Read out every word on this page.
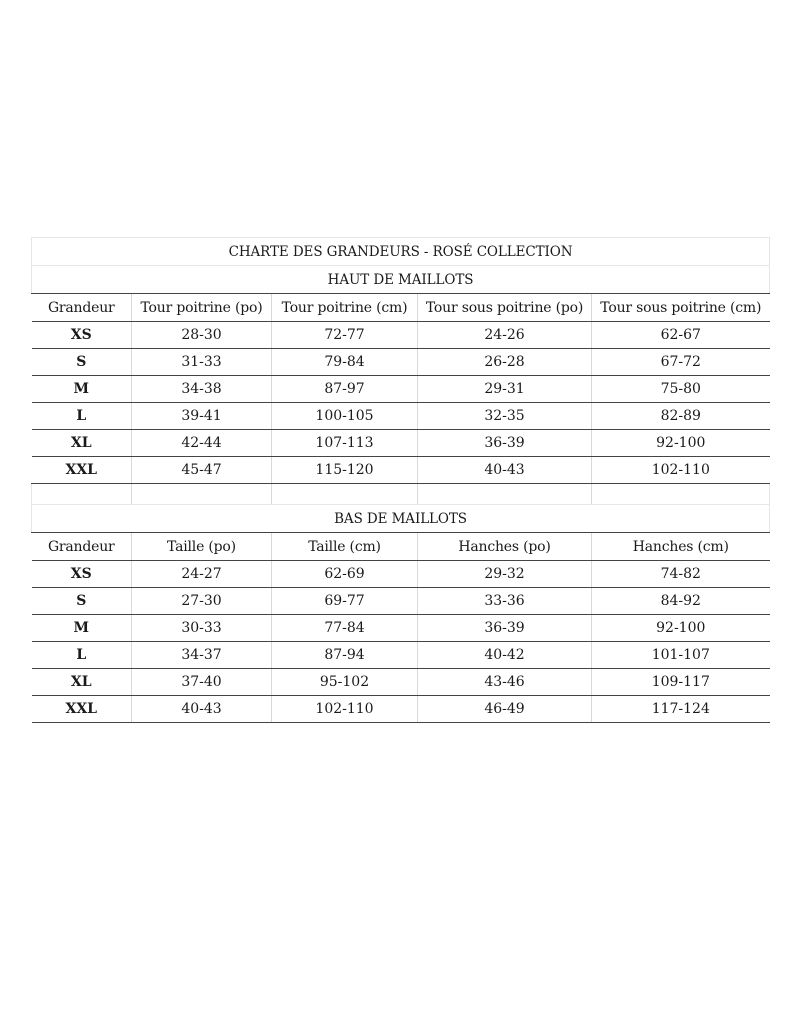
CHARTE DES GRANDEURS - ROSÉ COLLECTION				
HAUT DE MAILLOTS				
Grandeur	Tour poitrine (po)	Tour poitrine (cm)	Tour sous poitrine (po)	Tour sous poitrine (cm)
XS	28-30	72-77	24-26	62-67
S	31-33	79-84	26-28	67-72
M	34-38	87-97	29-31	75-80
L	39-41	100-105	32-35	82-89
XL	42-44	107-113	36-39	92-100
XXL	45-47	115-120	40-43	102-110

BAS DE MAILLOTS				
Grandeur	Taille (po)	Taille (cm)	Hanches (po)	Hanches (cm)
XS	24-27	62-69	29-32	74-82
S	27-30	69-77	33-36	84-92
M	30-33	77-84	36-39	92-100
L	34-37	87-94	40-42	101-107
XL	37-40	95-102	43-46	109-117
XXL	40-43	102-110	46-49	117-124
